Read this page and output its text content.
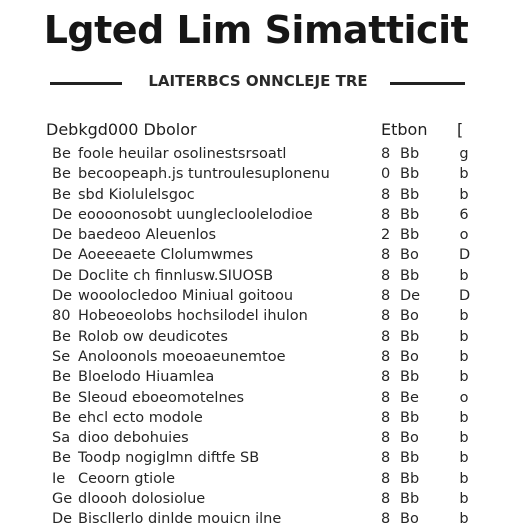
Lgted Lim Simatticit
LAITERBCS ONNCLEJE TRE
Debkgd000 Dbolor	Etbon	[
Be foole heuilar osolinestsrsoatl	8 Bb	g
Be becoopeaph.js tuntroulesuplonenu	0 Bb	b
Be sbd Kiolulelsgoc	8 Bb	b
De eoooonosobt uunglecloolelodioe	8 Bb	6
De baedeoo Aleuenlos	2 Bb	o
De Aoeeeaete Clolumwmes	8 Bo	D
De Doclite ch finnlusw.SIUOSB	8 Bb	b
De wooolocledoo Miniual goitoou	8 De	D
80 Hobeoeolobs hochsilodel ihulon	8 Bo	b
Be Rolob ow deudicotes	8 Bb	b
Se Anoloonols moeoaeunemtoe	8 Bo	b
Be Bloelodo Hiuamlea	8 Bb	b
Be Sleoud eboeomotelnes	8 Be	o
Be ehcl ecto modole	8 Bb	b
Sa dioo debohuies	8 Bo	b
Be Toodp nogiglmn diftfe SB	8 Bb	b
Ie Ceoorn gtiole	8 Bb	b
Ge dloooh dolosiolue	8 Bb	b
De Biscllerlo dinlde mouicn ilne	8 Bo	b
